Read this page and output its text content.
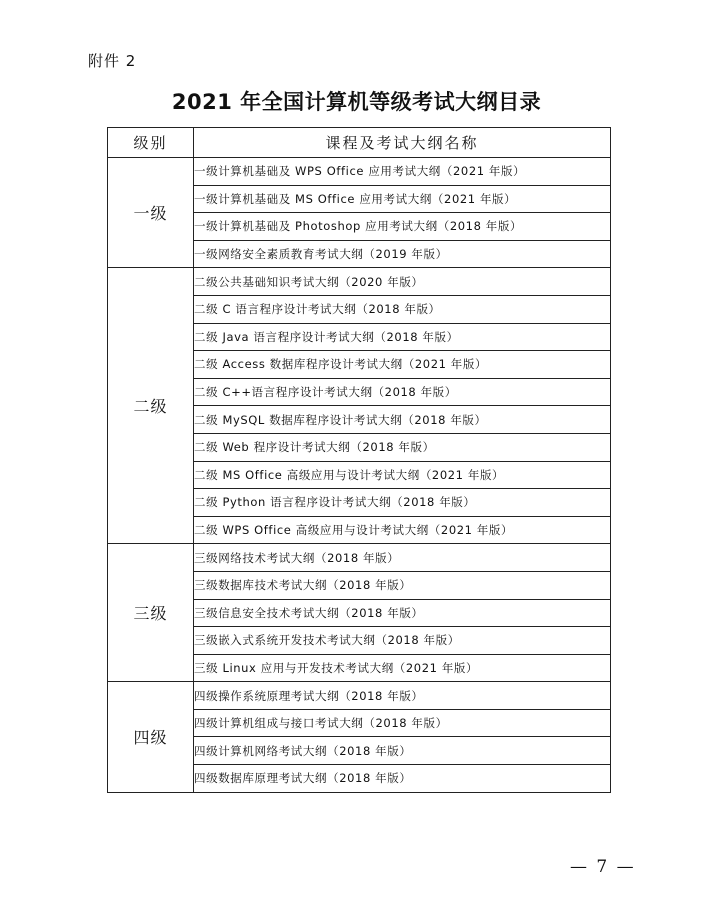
附件 2
2021 年全国计算机等级考试大纲目录
级别	课程及考试大纲名称
一级	一级计算机基础及 WPS Office 应用考试大纲（2021 年版）
	一级计算机基础及 MS Office 应用考试大纲（2021 年版）
	一级计算机基础及 Photoshop 应用考试大纲（2018 年版）
	一级网络安全素质教育考试大纲（2019 年版）
二级	二级公共基础知识考试大纲（2020 年版）
	二级 C 语言程序设计考试大纲（2018 年版）
	二级 Java 语言程序设计考试大纲（2018 年版）
	二级 Access 数据库程序设计考试大纲（2021 年版）
	二级 C++语言程序设计考试大纲（2018 年版）
	二级 MySQL 数据库程序设计考试大纲（2018 年版）
	二级 Web 程序设计考试大纲（2018 年版）
	二级 MS Office 高级应用与设计考试大纲（2021 年版）
	二级 Python 语言程序设计考试大纲（2018 年版）
	二级 WPS Office 高级应用与设计考试大纲（2021 年版）
三级	三级网络技术考试大纲（2018 年版）
	三级数据库技术考试大纲（2018 年版）
	三级信息安全技术考试大纲（2018 年版）
	三级嵌入式系统开发技术考试大纲（2018 年版）
	三级 Linux 应用与开发技术考试大纲（2021 年版）
四级	四级操作系统原理考试大纲（2018 年版）
	四级计算机组成与接口考试大纲（2018 年版）
	四级计算机网络考试大纲（2018 年版）
	四级数据库原理考试大纲（2018 年版）
— 7 —
